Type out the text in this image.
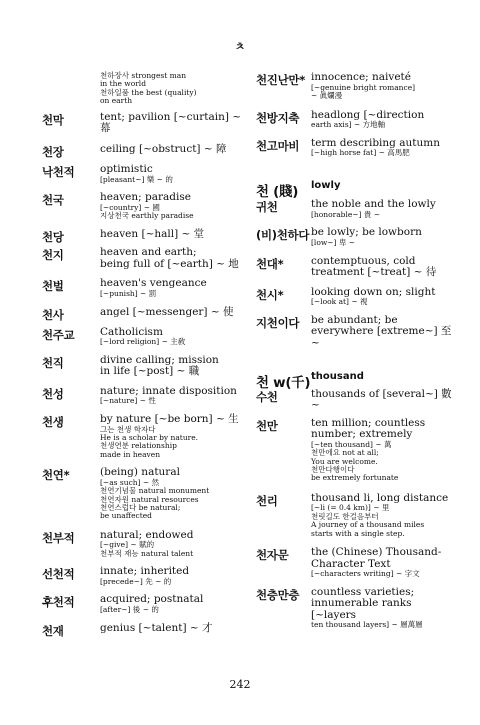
ㅊ
천하장사 strongest man
in the world
천하일품 the best (quality)
on earth
천막	tent; pavilion [~curtain] ~ 幕
천장	ceiling [~obstruct] ~ 障
낙천적 optimistic
[pleasant~] 樂 ~ 的
천국	heaven; paradise
[~country] ~ 國
지상천국 earthly paradise
천당	heaven [~hall] ~ 堂
천지	heaven and earth;
being full of [~earth] ~ 地
천벌	heaven's vengeance
[~punish] ~ 罰
천사	angel [~messenger] ~ 使
천주교 Catholicism
[~lord religion] ~ 主敎
천직	divine calling; mission
in life [~post] ~ 職
천성	nature; innate disposition
[~nature] ~ 性
천생	by nature [~be born] ~ 生
그는 천생 학자다
He is a scholar by nature.
천생연분 relationship
made in heaven
천연*	(being) natural
[~as such] ~ 然
천연기념물 natural monument
천연자원 natural resources
천연스럽다 be natural;
be unaffected
천부적 natural; endowed
[~give] ~ 賦的
천부적 재능 natural talent
선천적 innate; inherited
[precede~] 先 ~ 的
후천적 acquired; postnatal
[after~] 後 ~ 的
천재	genius [~talent] ~ 才
천진난만* innocence; naiveté
[~genuine bright romance]
~ 眞爛漫
천방지축 headlong [~direction
earth axis] ~ 方地軸
천고마비 term describing autumn
[~high horse fat] ~ 高馬肥
천 (賤) lowly
귀천	the noble and the lowly
[honorable~] 貴 ~
(비)천하다 be lowly; be lowborn
[low~] 卑 ~
천대*	contemptuous, cold
treatment [~treat] ~ 待
천시*	looking down on; slight
[~look at] ~ 視
지천이다 be abundant; be
everywhere [extreme~] 至 ~
천 w(千) thousand
수천	thousands of [several~] 數 ~
천만	ten million; countless
number; extremely
[~ten thousand] ~ 萬
천만에요 not at all;
You are welcome.
천만다행이다
be extremely fortunate
천리	thousand li, long distance
[~li (= 0.4 km)] ~ 里
천릿길도 한걸음부터
A journey of a thousand miles
starts with a single step.
천자문 the (Chinese) Thousand-
Character Text
[~characters writing] ~ 字文
천층만층 countless varieties;
innumerable ranks [~layers
ten thousand layers] ~ 層萬層
242
